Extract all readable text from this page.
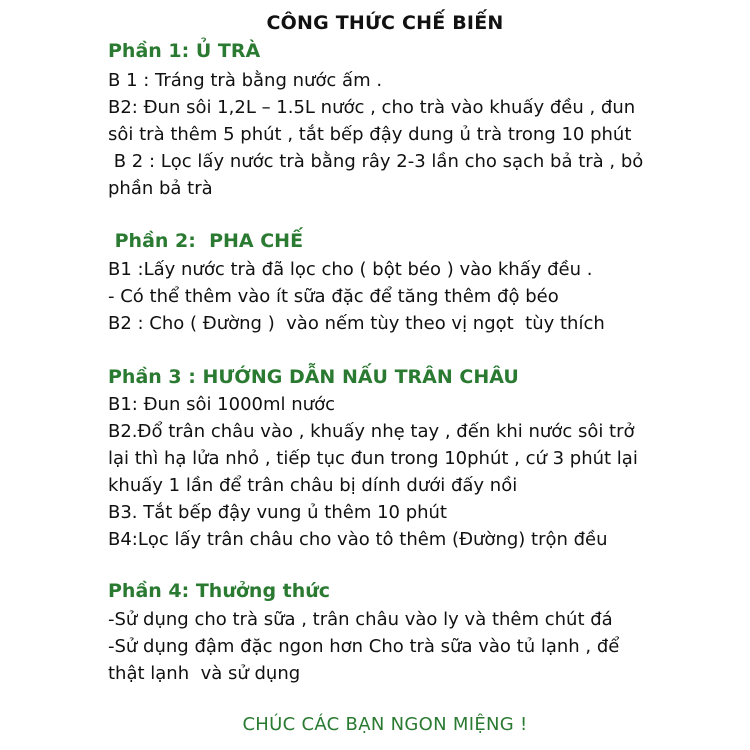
CÔNG THỨC CHẾ BIẾN
Phần 1: Ủ TRÀ
B 1 : Tráng trà bằng nước ấm .
B2: Đun sôi 1,2L – 1.5L nước , cho trà vào khuấy đều , đun
sôi trà thêm 5 phút , tắt bếp đậy dung ủ trà trong 10 phút
B 2 : Lọc lấy nước trà bằng rây 2-3 lần cho sạch bả trà , bỏ
phần bả trà
Phần 2:  PHA CHẾ
B1 :Lấy nước trà đã lọc cho ( bột béo ) vào khấy đều .
- Có thể thêm vào ít sữa đặc để tăng thêm độ béo
B2 : Cho ( Đường )  vào nếm tùy theo vị ngọt  tùy thích
Phần 3 : HƯỚNG DẪN NẤU TRÂN CHÂU
B1: Đun sôi 1000ml nước
B2.Đổ trân châu vào , khuấy nhẹ tay , đến khi nước sôi trở
lại thì hạ lửa nhỏ , tiếp tục đun trong 10phút , cứ 3 phút lại
khuấy 1 lần để trân châu bị dính dưới đấy nồi
B3. Tắt bếp đậy vung ủ thêm 10 phút
B4:Lọc lấy trân châu cho vào tô thêm (Đường) trộn đều
Phần 4: Thưởng thức
-Sử dụng cho trà sữa , trân châu vào ly và thêm chút đá
-Sử dụng đậm đặc ngon hơn Cho trà sữa vào tủ lạnh , để
thật lạnh  và sử dụng
CHÚC CÁC BẠN NGON MIỆNG !
